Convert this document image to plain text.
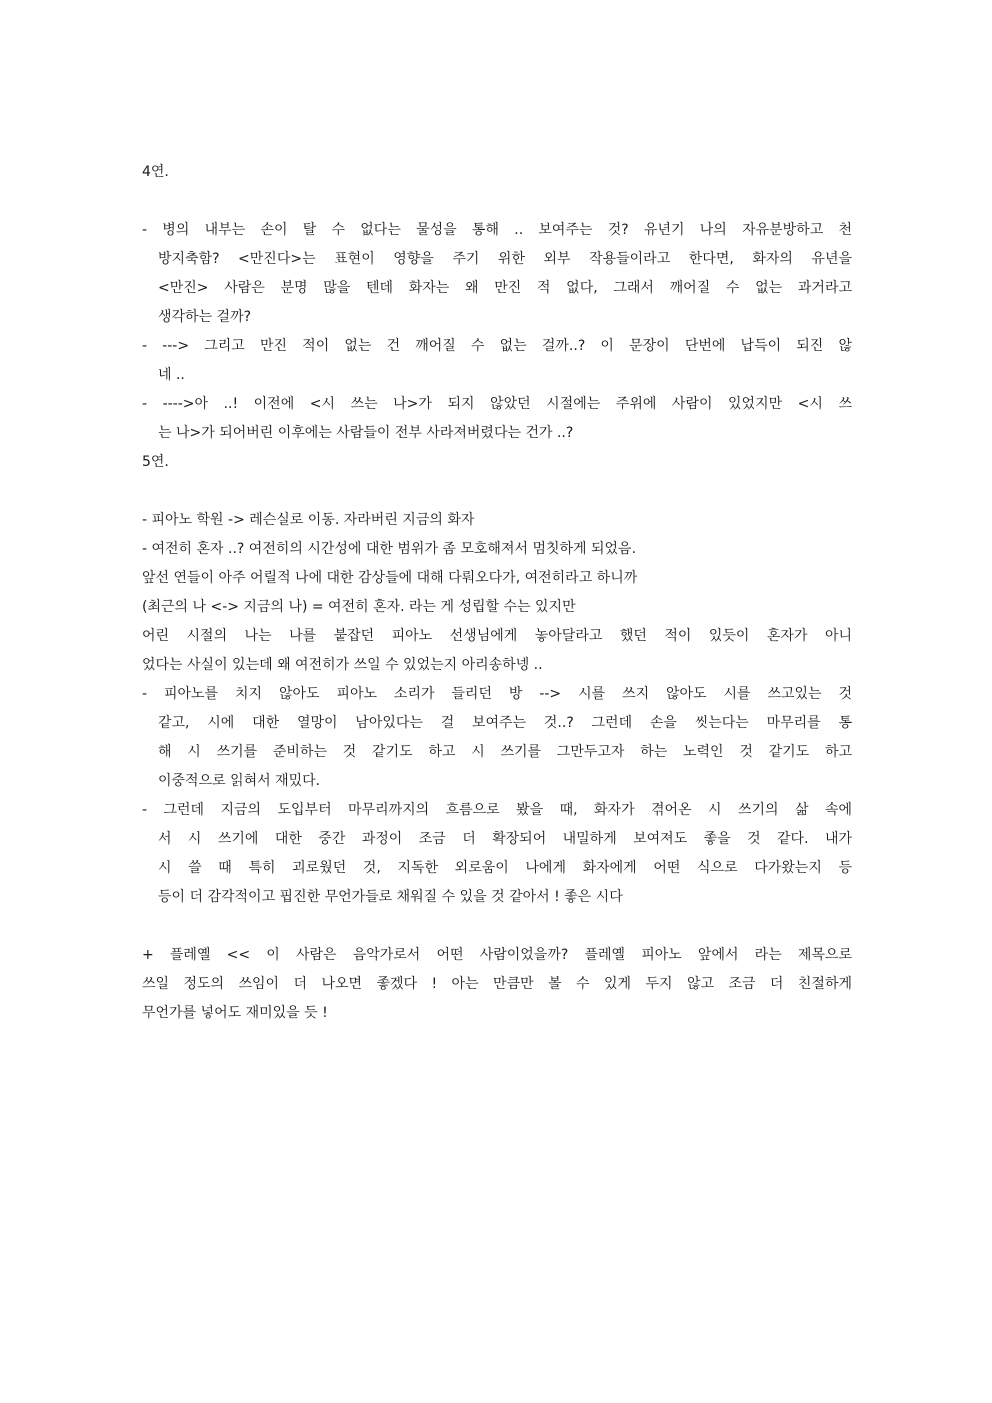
4연.
- 병의 내부는 손이 탈 수 없다는 물성을 통해 .. 보여주는 것? 유년기 나의 자유분방하고 천
방지축함? <만진다>는 표현이 영향을 주기 위한 외부 작용들이라고 한다면, 화자의 유년을
<만진> 사람은 분명 많을 텐데 화자는 왜 만진 적 없다, 그래서 깨어질 수 없는 과거라고
생각하는 걸까?
- ---> 그리고 만진 적이 없는 건 깨어질 수 없는 걸까..? 이 문장이 단번에 납득이 되진 않
네 ..
- ---->아 ..! 이전에 <시 쓰는 나>가 되지 않았던 시절에는 주위에 사람이 있었지만 <시 쓰
는 나>가 되어버린 이후에는 사람들이 전부 사라져버렸다는 건가 ..?
5연.
- 피아노 학원 -> 레슨실로 이동. 자라버린 지금의 화자
- 여전히 혼자 ..? 여전히의 시간성에 대한 범위가 좀 모호해져서 멈칫하게 되었음.
앞선 연들이 아주 어릴적 나에 대한 감상들에 대해 다뤄오다가, 여전히라고 하니까
(최근의 나 <-> 지금의 나) = 여전히 혼자. 라는 게 성립할 수는 있지만
어린 시절의 나는 나를 붙잡던 피아노 선생님에게 놓아달라고 했던 적이 있듯이 혼자가 아니
었다는 사실이 있는데 왜 여전히가 쓰일 수 있었는지 아리송하넹 ..
- 피아노를 치지 않아도 피아노 소리가 들리던 방 --> 시를 쓰지 않아도 시를 쓰고있는 것
같고, 시에 대한 열망이 남아있다는 걸 보여주는 것..? 그런데 손을 씻는다는 마무리를 통
해 시 쓰기를 준비하는 것 같기도 하고 시 쓰기를 그만두고자 하는 노력인 것 같기도 하고
이중적으로 읽혀서 재밌다.
- 그런데 지금의 도입부터 마무리까지의 흐름으로 봤을 때, 화자가 겪어온 시 쓰기의 삶 속에
서 시 쓰기에 대한 중간 과정이 조금 더 확장되어 내밀하게 보여져도 좋을 것 같다. 내가
시 쓸 때 특히 괴로웠던 것, 지독한 외로움이 나에게 화자에게 어떤 식으로 다가왔는지 등
등이 더 감각적이고 핍진한 무언가들로 채워질 수 있을 것 같아서 ! 좋은 시다
+ 플레옐 << 이 사람은 음악가로서 어떤 사람이었을까? 플레옐 피아노 앞에서 라는 제목으로
쓰일 정도의 쓰임이 더 나오면 좋겠다 ! 아는 만큼만 볼 수 있게 두지 않고 조금 더 친절하게
무언가를 넣어도 재미있을 듯 !
